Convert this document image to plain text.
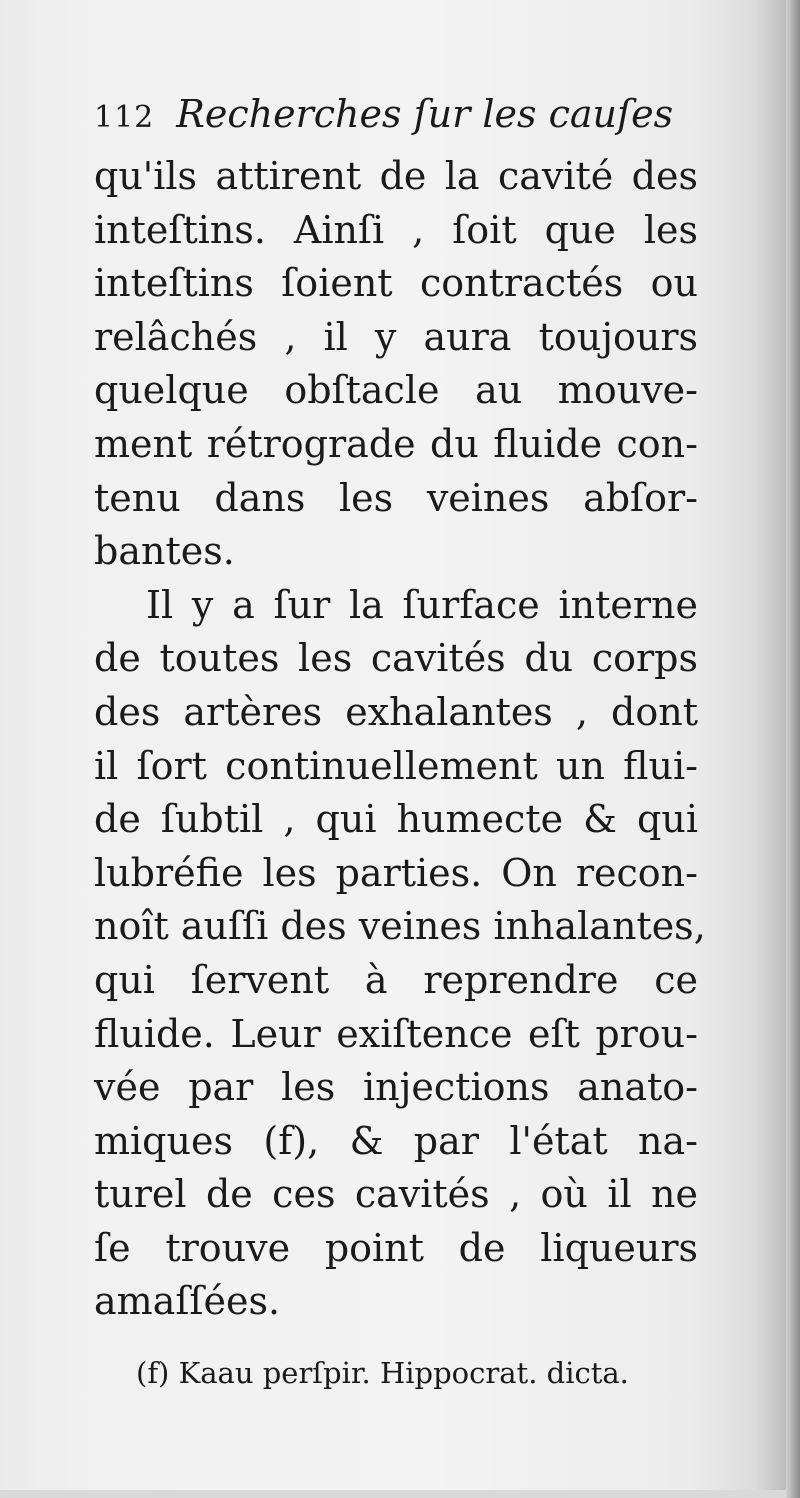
112 Recherches ſur les cauſes
qu'ils attirent de la cavité des
inteſtins. Ainſi , ſoit que les
inteſtins ſoient contractés ou
relâchés , il y aura toujours
quelque obſtacle au mouve-
ment rétrograde du fluide con-
tenu dans les veines abſor-
bantes.
Il y a ſur la ſurface interne
de toutes les cavités du corps
des artères exhalantes , dont
il ſort continuellement un flui-
de ſubtil , qui humecte & qui
lubréfie les parties. On recon-
noît auſſi des veines inhalantes,
qui ſervent à reprendre ce
fluide. Leur exiſtence eſt prou-
vée par les injections anato-
miques (f), & par l'état na-
turel de ces cavités , où il ne
ſe trouve point de liqueurs
amaſſées.
(f) Kaau perſpir. Hippocrat. dicta.
